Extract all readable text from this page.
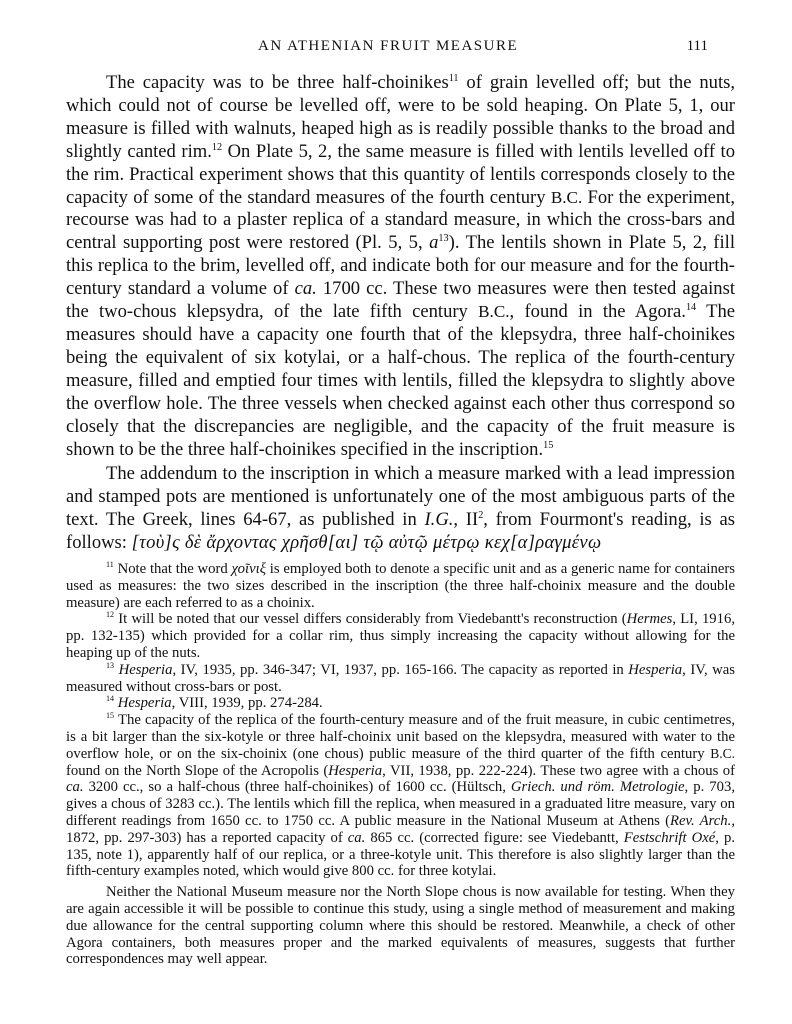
AN ATHENIAN FRUIT MEASURE	111

The capacity was to be three half-choinikes$^{11}$ of grain levelled off; but the nuts, which could not of course be levelled off, were to be sold heaping. On Plate 5, 1, our measure is filled with walnuts, heaped high as is readily possible thanks to the broad and slightly canted rim.$^{12}$ On Plate 5, 2, the same measure is filled with lentils levelled off to the rim. Practical experiment shows that this quantity of lentils corresponds closely to the capacity of some of the standard measures of the fourth century B.C. For the experiment, recourse was had to a plaster replica of a standard measure, in which the cross-bars and central supporting post were restored (Pl. 5, 5, $a^{13}$). The lentils shown in Plate 5, 2, fill this replica to the brim, levelled off, and indicate both for our measure and for the fourth-century standard a volume of ca. 1700 cc. These two measures were then tested against the two-chous klepsydra, of the late fifth century B.C., found in the Agora.$^{14}$ The measures should have a capacity one fourth that of the klepsydra, three half-choinikes being the equivalent of six kotylai, or a half-chous. The replica of the fourth-century measure, filled and emptied four times with lentils, filled the klepsydra to slightly above the overflow hole. The three vessels when checked against each other thus correspond so closely that the discrepancies are negligible, and the capacity of the fruit measure is shown to be the three half-choinikes specified in the inscription.$^{15}$

The addendum to the inscription in which a measure marked with a lead impression and stamped pots are mentioned is unfortunately one of the most ambiguous parts of the text. The Greek, lines 64-67, as published in I.G., $II^2$, from Fourmont's reading, is as follows: [τοὺ]ς δὲ ἄρχοντας χρῆσθ[αι] τῷ αὐτῷ μέτρῳ κεχ[α]ραγμένῳ

$^{11}$ Note that the word χοῖνιξ is employed both to denote a specific unit and as a generic name for containers used as measures: the two sizes described in the inscription (the three half-choinix measure and the double measure) are each referred to as a choinix.

$^{12}$ It will be noted that our vessel differs considerably from Viedebantt's reconstruction (Hermes, LI, 1916, pp. 132-135) which provided for a collar rim, thus simply increasing the capacity without allowing for the heaping up of the nuts.

$^{13}$ Hesperia, IV, 1935, pp. 346-347; VI, 1937, pp. 165-166. The capacity as reported in Hesperia, IV, was measured without cross-bars or post.

$^{14}$ Hesperia, VIII, 1939, pp. 274-284.

$^{15}$ The capacity of the replica of the fourth-century measure and of the fruit measure, in cubic centimetres, is a bit larger than the six-kotyle or three half-choinix unit based on the klepsydra, measured with water to the overflow hole, or on the six-choinix (one chous) public measure of the third quarter of the fifth century B.C. found on the North Slope of the Acropolis (Hesperia, VII, 1938, pp. 222-224). These two agree with a chous of ca. 3200 cc., so a half-chous (three half-choinikes) of 1600 cc. (Hültsch, Griech. und röm. Metrologie, p. 703, gives a chous of 3283 cc.). The lentils which fill the replica, when measured in a graduated litre measure, vary on different readings from 1650 cc. to 1750 cc. A public measure in the National Museum at Athens (Rev. Arch., 1872, pp. 297-303) has a reported capacity of ca. 865 cc. (corrected figure: see Viedebantt, Festschrift Oxé, p. 135, note 1), apparently half of our replica, or a three-kotyle unit. This therefore is also slightly larger than the fifth-century examples noted, which would give 800 cc. for three kotylai.

Neither the National Museum measure nor the North Slope chous is now available for testing. When they are again accessible it will be possible to continue this study, using a single method of measurement and making due allowance for the central supporting column where this should be restored. Meanwhile, a check of other Agora containers, both measures proper and the marked equivalents of measures, suggests that further correspondences may well appear.
